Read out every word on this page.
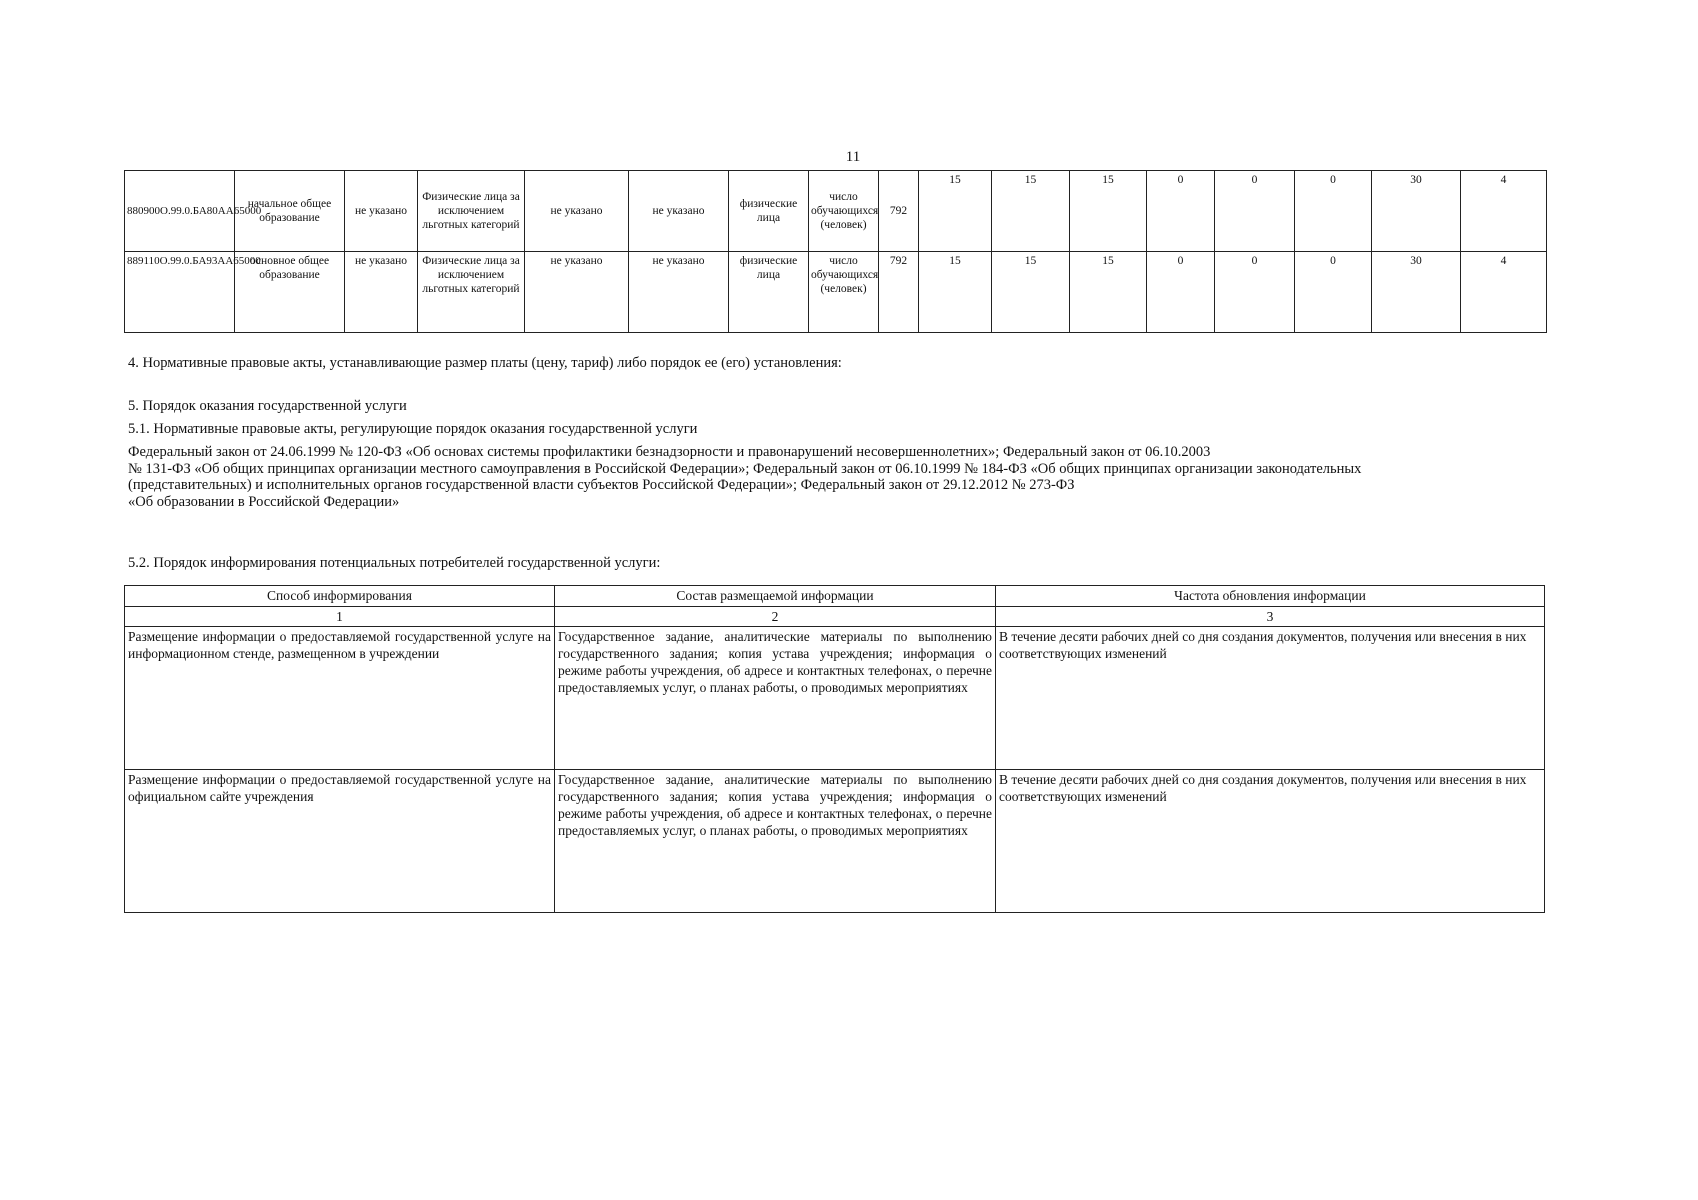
11
880900О.99.0.БА80АА65000	начальное общее образование	не указано	Физические лица за исключением льготных категорий	не указано	не указано	физические лица	число обучающихся (человек)	792	15	15	15	0	0	0	30	4
889110О.99.0.БА93АА65000	основное общее образование	не указано	Физические лица за исключением льготных категорий	не указано	не указано	физические лица	число обучающихся (человек)	792	15	15	15	0	0	0	30	4
4. Нормативные правовые акты, устанавливающие размер платы (цену, тариф) либо порядок ее (его) установления:
5. Порядок оказания государственной услуги
5.1. Нормативные правовые акты, регулирующие порядок оказания государственной услуги
Федеральный закон от 24.06.1999 № 120-ФЗ «Об основах системы профилактики безнадзорности и правонарушений несовершеннолетних»; Федеральный закон от 06.10.2003
№ 131-ФЗ «Об общих принципах организации местного самоуправления в Российской Федерации»; Федеральный закон от 06.10.1999 № 184-ФЗ «Об общих принципах организации законодательных
(представительных) и исполнительных органов государственной власти субъектов Российской Федерации»; Федеральный закон от 29.12.2012 № 273-ФЗ
«Об образовании в Российской Федерации»
5.2. Порядок информирования потенциальных потребителей государственной услуги:
Способ информирования	Состав размещаемой информации	Частота обновления информации
1	2	3
Размещение информации о предоставляемой государственной услуге на информационном стенде, размещенном в учреждении	Государственное задание, аналитические материалы по выполнению государственного задания; копия устава учреждения; информация о режиме работы учреждения, об адресе и контактных телефонах, о перечне предоставляемых услуг, о планах работы, о проводимых мероприятиях	В течение десяти рабочих дней со дня создания документов, получения или внесения в них соответствующих изменений
Размещение информации о предоставляемой государственной услуге на официальном сайте учреждения	Государственное задание, аналитические материалы по выполнению государственного задания; копия устава учреждения; информация о режиме работы учреждения, об адресе и контактных телефонах, о перечне предоставляемых услуг, о планах работы, о проводимых мероприятиях	В течение десяти рабочих дней со дня создания документов, получения или внесения в них соответствующих изменений
